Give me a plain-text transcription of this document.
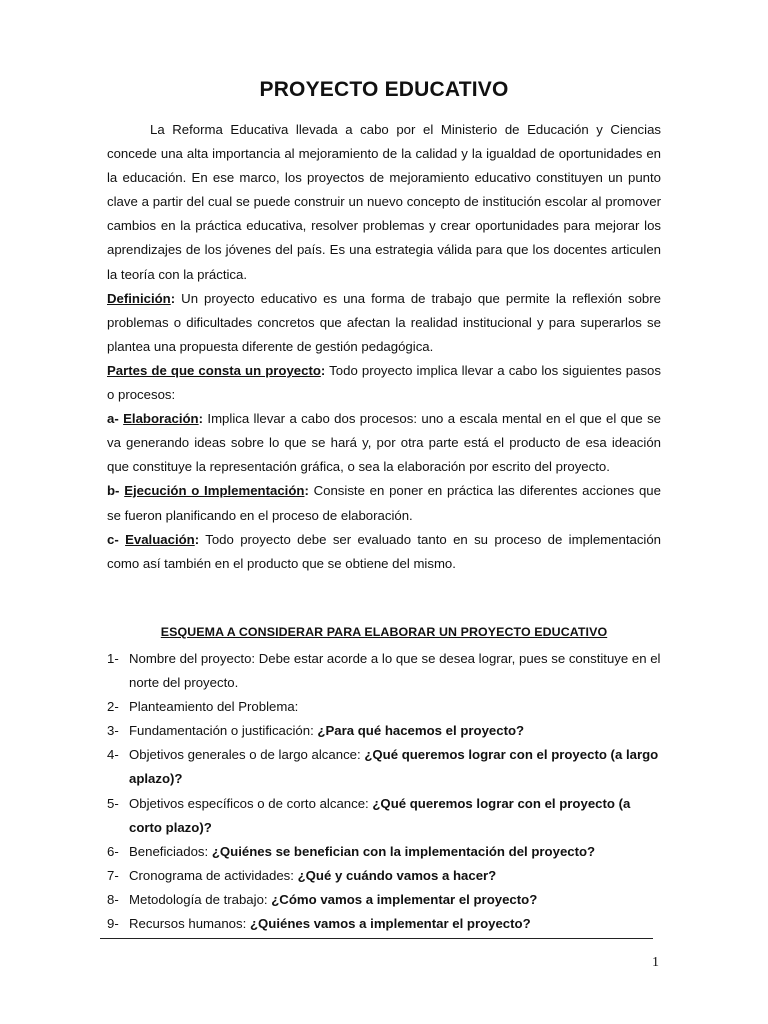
PROYECTO EDUCATIVO

La Reforma Educativa llevada a cabo por el Ministerio de Educación y Ciencias concede una alta importancia al mejoramiento de la calidad y la igualdad de oportunidades en la educación. En ese marco, los proyectos de mejoramiento educativo constituyen un punto clave a partir del cual se puede construir un nuevo concepto de institución escolar al promover cambios en la práctica educativa, resolver problemas y crear oportunidades para mejorar los aprendizajes de los jóvenes del país. Es una estrategia válida para que los docentes articulen la teoría con la práctica.

Definición: Un proyecto educativo es una forma de trabajo que permite la reflexión sobre problemas o dificultades concretos que afectan la realidad institucional y para superarlos se plantea una propuesta diferente de gestión pedagógica.

Partes de que consta un proyecto: Todo proyecto implica llevar a cabo los siguientes pasos o procesos:

a- Elaboración: Implica llevar a cabo dos procesos: uno a escala mental en el que el que se va generando ideas sobre lo que se hará y, por otra parte está el producto de esa ideación que constituye la representación gráfica, o sea la elaboración por escrito del proyecto.

b- Ejecución o Implementación: Consiste en poner en práctica las diferentes acciones que se fueron planificando en el proceso de elaboración.

c- Evaluación: Todo proyecto debe ser evaluado tanto en su proceso de implementación como así también en el producto que se obtiene del mismo.

ESQUEMA A CONSIDERAR PARA ELABORAR UN PROYECTO EDUCATIVO
1- Nombre del proyecto: Debe estar acorde a lo que se desea lograr, pues se constituye en el norte del proyecto.
2- Planteamiento del Problema:
3- Fundamentación o justificación: ¿Para qué hacemos el proyecto?
4- Objetivos generales o de largo alcance: ¿Qué queremos lograr con el proyecto (a largo aplazo)?
5- Objetivos específicos o de corto alcance: ¿Qué queremos lograr con el proyecto (a corto plazo)?
6- Beneficiados: ¿Quiénes se benefician con la implementación del proyecto?
7- Cronograma de actividades: ¿Qué y cuándo vamos a hacer?
8- Metodología de trabajo: ¿Cómo vamos a implementar el proyecto?
9- Recursos humanos: ¿Quiénes vamos a implementar el proyecto?
1
